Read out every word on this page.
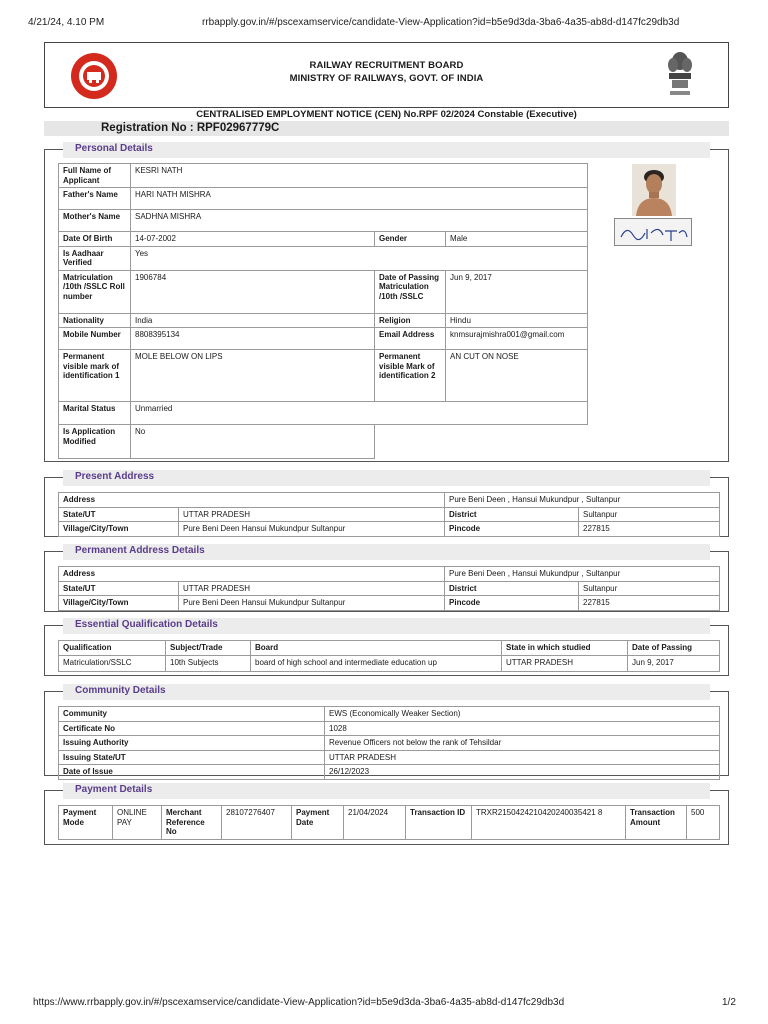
4/21/24, 4.10 PM	rrbapply.gov.in/#/pscexamservice/candidate-View-Application?id=b5e9d3da-3ba6-4a35-ab8d-d147fc29db3d
RAILWAY RECRUITMENT BOARD
MINISTRY OF RAILWAYS, GOVT. OF INDIA
CENTRALISED EMPLOYMENT NOTICE (CEN) No.RPF 02/2024 Constable (Executive)
Registration No : RPF02967779C
Personal Details
Full Name of Applicant	KESRI NATH		
Father's Name	HARI NATH MISHRA		
Mother's Name	SADHNA MISHRA		
Date Of Birth	14-07-2002	Gender	Male
Is Aadhaar Verified	Yes		
Matriculation /10th /SSLC Roll number	1906784	Date of Passing Matriculation /10th /SSLC	Jun 9, 2017
Nationality	India	Religion	Hindu
Mobile Number	8808395134	Email Address	knmsurajmishra001@gmail.com
Permanent visible mark of identification 1	MOLE BELOW ON LIPS	Permanent visible Mark of identification 2	AN CUT ON NOSE
Marital Status	Unmarried		
Is Application Modified	No		
Present Address
Address		Pure Beni Deen , Hansui Mukundpur , Sultanpur	
State/UT	UTTAR PRADESH	District	Sultanpur
Village/City/Town	Pure Beni Deen Hansui Mukundpur Sultanpur	Pincode	227815
Permanent Address Details
Address		Pure Beni Deen , Hansui Mukundpur , Sultanpur	
State/UT	UTTAR PRADESH	District	Sultanpur
Village/City/Town	Pure Beni Deen Hansui Mukundpur Sultanpur	Pincode	227815
Essential Qualification Details
Qualification	Subject/Trade	Board	State in which studied	Date of Passing
Matriculation/SSLC	10th Subjects	board of high school and intermediate education up	UTTAR PRADESH	Jun 9, 2017
Community Details
Community	EWS (Economically Weaker Section)
Certificate No	1028
Issuing Authority	Revenue Officers not below the rank of Tehsildar
Issuing State/UT	UTTAR PRADESH
Date of Issue	26/12/2023
Payment Details
Payment Mode	ONLINE PAY	Merchant Reference No	28107276407	Payment Date	21/04/2024	Transaction ID	TRXR2150424210420240035421 8	Transaction Amount	500
https://www.rrbapply.gov.in/#/pscexamservice/candidate-View-Application?id=b5e9d3da-3ba6-4a35-ab8d-d147fc29db3d	1/2
